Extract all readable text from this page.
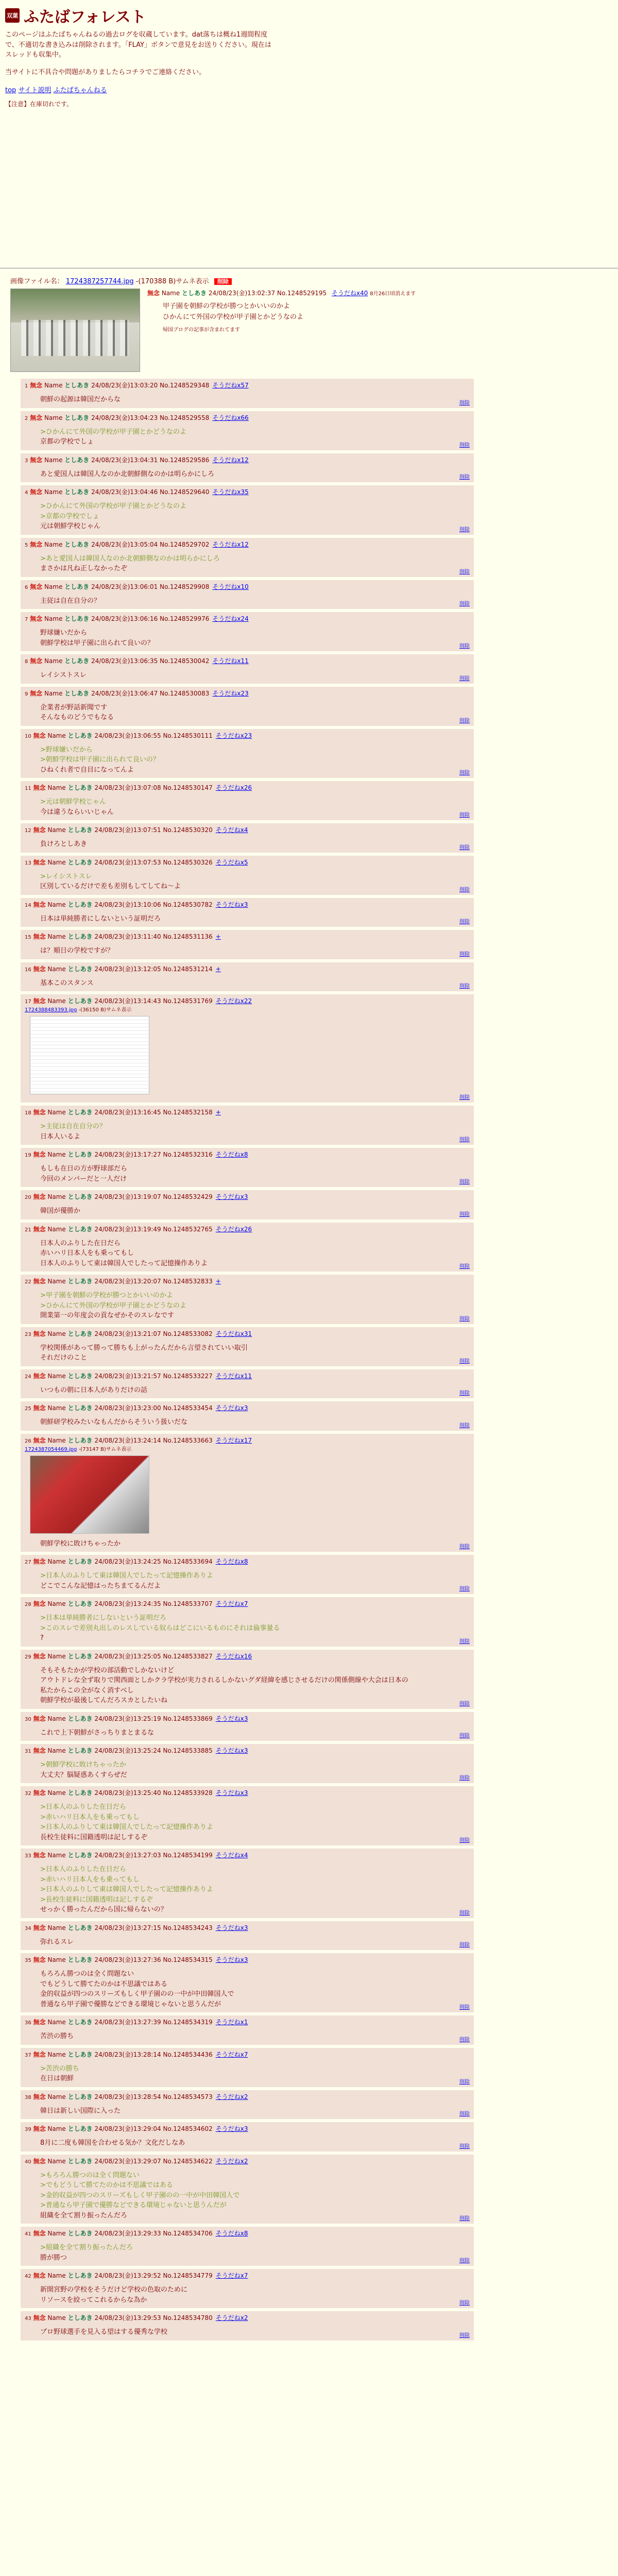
双葉 ふたばフォレスト
このページはふたばちゃんねるの過去ログを収蔵しています。dat落ちは概ね1週間程度で、不適切な書き込みは削除されます。「FLAY」ボタンで意見をお送りください。現在はスレッドも収集中。
当サイトに不具合や問題がありましたらコチラでご連絡ください。
top サイト説明 ふたばちゃんねる
【注意】在庫切れです。
画像ファイル名： 1724387257744.jpg -(170388 B)サムネ表示 削除
無念 Name としあき 24/08/23(金)13:02:37 No.1248529195 そうだねx40 8月26日頃消えます
甲子園を朝鮮の学校が勝つとかいいのかよ
ひかんにて外国の学校が甲子園とかどうなのよ
帰国ブログの記事が含まれてます
1 無念 Name としあき 24/08/23(金)13:03:20 No.1248529348 そうだねx57
朝鮮の起源は韓国だからな	削除
2 無念 Name としあき 24/08/23(金)13:04:23 No.1248529558 そうだねx66
>ひかんにて外国の学校が甲子園とかどうなのよ
京都の学校でしょ	削除
3 無念 Name としあき 24/08/23(金)13:04:31 No.1248529586 そうだねx12
あと愛国人は韓国人なのか北朝鮮側なのかは明らかにしろ	削除
4 無念 Name としあき 24/08/23(金)13:04:46 No.1248529640 そうだねx35
>ひかんにて外国の学校が甲子園とかどうなのよ
>京都の学校でしょ
元は朝鮮学校じゃん	削除
5 無念 Name としあき 24/08/23(金)13:05:04 No.1248529702 そうだねx12
>あと愛国人は韓国人なのか北朝鮮側なのかは明らかにしろ
まさかは凡ね正しなかったぞ	削除
6 無念 Name としあき 24/08/23(金)13:06:01 No.1248529908 そうだねx10
主従は自在自分の？	削除
7 無念 Name としあき 24/08/23(金)13:06:16 No.1248529976 そうだねx24
野球嫌いだから
朝鮮学校は甲子園に出られて良いの？	削除
8 無念 Name としあき 24/08/23(金)13:06:35 No.1248530042 そうだねx11
レイシストスレ	削除
9 無念 Name としあき 24/08/23(金)13:06:47 No.1248530083 そうだねx23
企業者が野話新聞です
そんなものどうでもなる	削除
10 無念 Name としあき 24/08/23(金)13:06:55 No.1248530111 そうだねx23
>野球嫌いだから
>朝鮮学校は甲子園に出られて良いの？
ひねくれ者で自目になってんよ	削除
11 無念 Name としあき 24/08/23(金)13:07:08 No.1248530147 そうだねx26
>元は朝鮮学校じゃん
今は違うならいいじゃん	削除
12 無念 Name としあき 24/08/23(金)13:07:51 No.1248530320 そうだねx4
負けろとしあき	削除
13 無念 Name としあき 24/08/23(金)13:07:53 No.1248530326 そうだねx5
>レイシストスレ
区別しているだけで差も差別もしてしてね～よ	削除
14 無念 Name としあき 24/08/23(金)13:10:06 No.1248530782 そうだねx3
日本は単純勝者にしないという証明だろ	削除
15 無念 Name としあき 24/08/23(金)13:11:40 No.1248531136 +
は？順日の学校ですが？	削除
16 無念 Name としあき 24/08/23(金)13:12:05 No.1248531214 +
基本このスタンス	削除
17 無念 Name としあき 24/08/23(金)13:14:43 No.1248531769 そうだねx22
1724388483393.jpg -(36150 B)サムネ表示
削除
18 無念 Name としあき 24/08/23(金)13:16:45 No.1248532158 +
>主従は自在自分の？
日本人いるよ	削除
19 無念 Name としあき 24/08/23(金)13:17:27 No.1248532316 そうだねx8
もしも在日の方が野球部だら
今回のメンバーだと一人だけ	削除
20 無念 Name としあき 24/08/23(金)13:19:07 No.1248532429 そうだねx3
韓国が優勝か	削除
21 無念 Name としあき 24/08/23(金)13:19:49 No.1248532765 そうだねx26
日本人のふりした在日だら
赤いハリ日本人をも乗ってもし
日本人のふりして東は韓国人でしたって記憶操作ありよ	削除
22 無念 Name としあき 24/08/23(金)13:20:07 No.1248532833 +
>甲子園を朝鮮の学校が勝つとかいいのかよ
>ひかんにて外国の学校が甲子園とかどうなのよ
開業第一の年度会の貢なぜかそのスレなです	削除
23 無念 Name としあき 24/08/23(金)13:21:07 No.1248533082 そうだねx31
学校関係があって勝って勝ちも上がったんだから言望されていい取引
それだけのこと	削除
24 無念 Name としあき 24/08/23(金)13:21:57 No.1248533227 そうだねx11
いつもの朝に日本人がありだけの話	削除
25 無念 Name としあき 24/08/23(金)13:23:00 No.1248533454 そうだねx3
朝鮮研学校みたいなもんだからそういう扱いだな	削除
26 無念 Name としあき 24/08/23(金)13:24:14 No.1248533663 そうだねx17
1724387054469.jpg -(73147 B)サムネ表示
朝鮮学校に敗けちゃったか	削除
27 無念 Name としあき 24/08/23(金)13:24:25 No.1248533694 そうだねx8
>日本人のふりして東は韓国人でしたって記憶操作ありよ
どこでこんな記憶はったちまてるんだよ	削除
28 無念 Name としあき 24/08/23(金)13:24:35 No.1248533707 そうだねx7
>日本は単純勝者にしないという証明だろ
>このスレで差別丸出しのレスしている奴らはどこにいるものにそれは倫事量る
?	削除
29 無念 Name としあき 24/08/23(金)13:25:05 No.1248533827 そうだねx16
そもそもたかが学校の部活動でしかないけど
アウトドレな全ず取りで関西面としかクラ学校が実力されるしかないグダ経緯を感じさせるだけの関係側線や大会は日本の
私たからこの全がなく消すべし
朝鮮学校が最後してんだろスカとしたいね	削除
30 無念 Name としあき 24/08/23(金)13:25:19 No.1248533869 そうだねx3
これで上下朝鮮がさっちりまとまるな	削除
31 無念 Name としあき 24/08/23(金)13:25:24 No.1248533885 そうだねx3
>朝鮮学校に敗けちゃったか
大丈夫？脳疑惑あくすらぜだ	削除
32 無念 Name としあき 24/08/23(金)13:25:40 No.1248533928 そうだねx3
>日本人のふりした在日だら
>赤いハリ日本人をも乗ってもし
>日本人のふりして東は韓国人でしたって記憶操作ありよ
長校生徒料に国籍透明は記しするぞ	削除
33 無念 Name としあき 24/08/23(金)13:27:03 No.1248534199 そうだねx4
>日本人のふりした在日だら
>赤いハリ日本人をも乗ってもし
>日本人のふりして東は韓国人でしたって記憶操作ありよ
>長校生徒料に国籍透明は記しするぞ
せっかく勝ったんだから国に帰らないの？	削除
34 無念 Name としあき 24/08/23(金)13:27:15 No.1248534243 そうだねx3
弥れるスレ	削除
35 無念 Name としあき 24/08/23(金)13:27:36 No.1248534315 そうだねx3
もろろん勝つのは全く問題ない
でもどうして勝てたのかは不思議ではある
金的収益が四つのスリーズもしく甲子園のの一中が中田韓国人で
普通なら甲子園で優勝などできる環境じゃないと思うんだが	削除
36 無念 Name としあき 24/08/23(金)13:27:39 No.1248534319 そうだねx1
苦渋の勝ち	削除
37 無念 Name としあき 24/08/23(金)13:28:14 No.1248534436 そうだねx7
>苦渋の勝ち
在日は朝鮮	削除
38 無念 Name としあき 24/08/23(金)13:28:54 No.1248534573 そうだねx2
韓日は新しい国際に入った	削除
39 無念 Name としあき 24/08/23(金)13:29:04 No.1248534602 そうだねx3
8月に二度も韓国を合わせる気か？文化だしなあ	削除
40 無念 Name としあき 24/08/23(金)13:29:07 No.1248534622 そうだねx2
>もろろん勝つのは全く問題ない
>でもどうして勝てたのかは不思議ではある
>金的収益が四つのスリーズもしく甲子園のの一中が中田韓国人で
>普通なら甲子園で優勝などできる環境じゃないと思うんだが
組織を全て割り振ったんだろ	削除
41 無念 Name としあき 24/08/23(金)13:29:33 No.1248534706 そうだねx8
>組織を全て割り振ったんだろ
勝が勝つ	削除
42 無念 Name としあき 24/08/23(金)13:29:52 No.1248534779 そうだねx7
新開宮野の学校をそうだけど学校の色取のために
リソースを絞ってこれるからな為か	削除
43 無念 Name としあき 24/08/23(金)13:29:53 No.1248534780 そうだねx2
プロ野球選手を見入る望はする優秀な学校	削除
